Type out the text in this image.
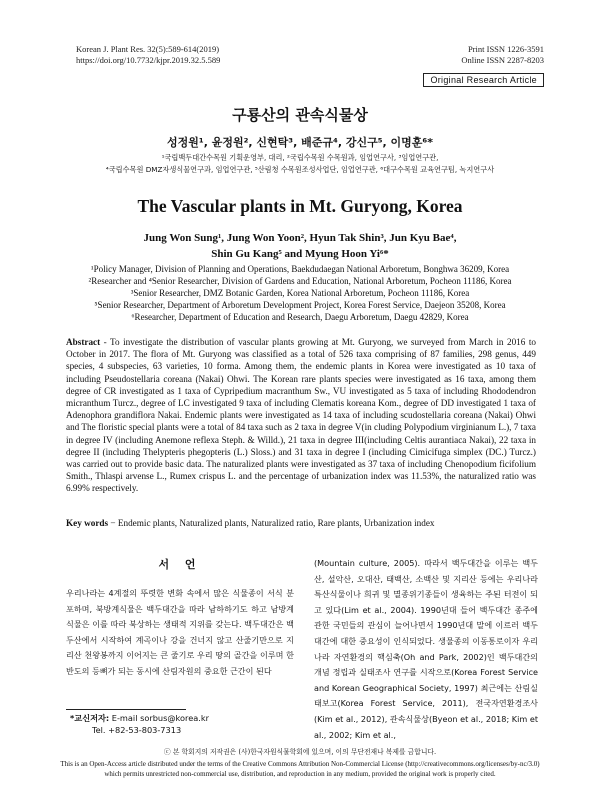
Korean J. Plant Res. 32(5):589-614(2019)
https://doi.org/10.7732/kjpr.2019.32.5.589
Print ISSN 1226-3591
Online ISSN 2287-8203
Original Research Article
구룡산의 관속식물상
성정원¹, 윤정원², 신현탁³, 배준규⁴, 강신구⁵, 이명훈⁶*
¹국립백두대간수목원 기획운영부, 대리, ²국립수목원 수목원과, 임업연구사, ³임업연구관,
⁴국립수목원 DMZ자생식물연구과, 임업연구관, ⁵산림청 수목원조성사업단, 임업연구관, ⁶대구수목원 교육연구팀, 녹지연구사
The Vascular plants in Mt. Guryong, Korea
Jung Won Sung¹, Jung Won Yoon², Hyun Tak Shin³, Jun Kyu Bae⁴,
Shin Gu Kang⁵ and Myung Hoon Yi⁶*
¹Policy Manager, Division of Planning and Operations, Baekdudaegan National Arboretum, Bonghwa 36209, Korea
²Researcher and ⁴Senior Researcher, Division of Gardens and Education, National Arboretum, Pocheon 11186, Korea
³Senior Researcher, DMZ Botanic Garden, Korea National Arboretum, Pocheon 11186, Korea
⁵Senior Researcher, Department of Arboretum Development Project, Korea Forest Service, Daejeon 35208, Korea
⁶Researcher, Department of Education and Research, Daegu Arboretum, Daegu 42829, Korea
Abstract - To investigate the distribution of vascular plants growing at Mt. Guryong, we surveyed from March in 2016 to October in 2017. The flora of Mt. Guryong was classified as a total of 526 taxa comprising of 87 families, 298 genus, 449 species, 4 subspecies, 63 varieties, 10 forma. Among them, the endemic plants in Korea were investigated as 10 taxa of including Pseudostellaria coreana (Nakai) Ohwi. The Korean rare plants species were investigated as 16 taxa, among them degree of CR investigated as 1 taxa of Cypripedium macranthum Sw., VU investigated as 5 taxa of including Rhododendron micranthum Turcz., degree of LC investigated 9 taxa of including Clematis koreana Kom., degree of DD investigated 1 taxa of Adenophora grandiflora Nakai. Endemic plants were investigated as 14 taxa of including scudostellaria coreana (Nakai) Ohwi and The floristic special plants were a total of 84 taxa such as 2 taxa in degree V(in cluding Polypodium virginianum L.), 7 taxa in degree IV (including Anemone reflexa Steph. & Willd.), 21 taxa in degree III(including Celtis aurantiaca Nakai), 22 taxa in degree II (including Thelypteris phegopteris (L.) Sloss.) and 31 taxa in degree I (including Cimicifuga simplex (DC.) Turcz.) was carried out to provide basic data. The naturalized plants were investigated as 37 taxa of including Chenopodium ficifolium Smith., Thlaspi arvense L., Rumex crispus L. and the percentage of urbanization index was 11.53%, the naturalized ratio was 6.99% respectively.
Key words − Endemic plants, Naturalized plants, Naturalized ratio, Rare plants, Urbanization index
서 언
우리나라는 4계절의 뚜렷한 변화 속에서 많은 식물종이 서식 분포하며, 북방계식물은 백두대간을 따라 남하하기도 하고 남방계 식물은 이를 따라 북상하는 생태적 지위를 갖는다. 백두대간은 백두산에서 시작하여 계곡이나 강을 건너지 않고 산줄기만으로 지리산 천왕봉까지 이어지는 큰 줄기로 우리 땅의 골간을 이루며 한반도의 등뼈가 되는 동시에 산림자원의 중요한 근간이 된다
(Mountain culture, 2005). 따라서 백두대간을 이루는 백두산, 설악산, 오대산, 태백산, 소백산 및 지리산 등에는 우리나라 특산식물이나 희귀 및 멸종위기종들이 생육하는 주된 터전이 되고 있다(Lim et al., 2004). 1990년대 들어 백두대간 종주에 관한 국민들의 관심이 늘어나면서 1990년대 말에 이르러 백두대간에 대한 중요성이 인식되었다. 생물종의 이동통로이자 우리나라 자연환경의 핵심축(Oh and Park, 2002)인 백두대간의 개념 정립과 실태조사 연구를 시작으로(Korea Forest Service and Korean Geographical Society, 1997) 최근에는 산림실태보고(Korea Forest Service, 2011), 전국자연환경조사(Kim et al., 2012), 관속식물상(Byeon et al., 2018; Kim et al., 2002; Kim et al.,
*교신저자: E-mail sorbus@korea.kr
Tel. +82-53-803-7313
ⓒ 본 학회지의 저작권은 (사)한국자원식물학회에 있으며, 이의 무단전재나 복제를 금합니다.
This is an Open-Access article distributed under the terms of the Creative Commons Attribution Non-Commercial License (http://creativecommons.org/licenses/by-nc/3.0)
which permits unrestricted non-commercial use, distribution, and reproduction in any medium, provided the original work is properly cited.
